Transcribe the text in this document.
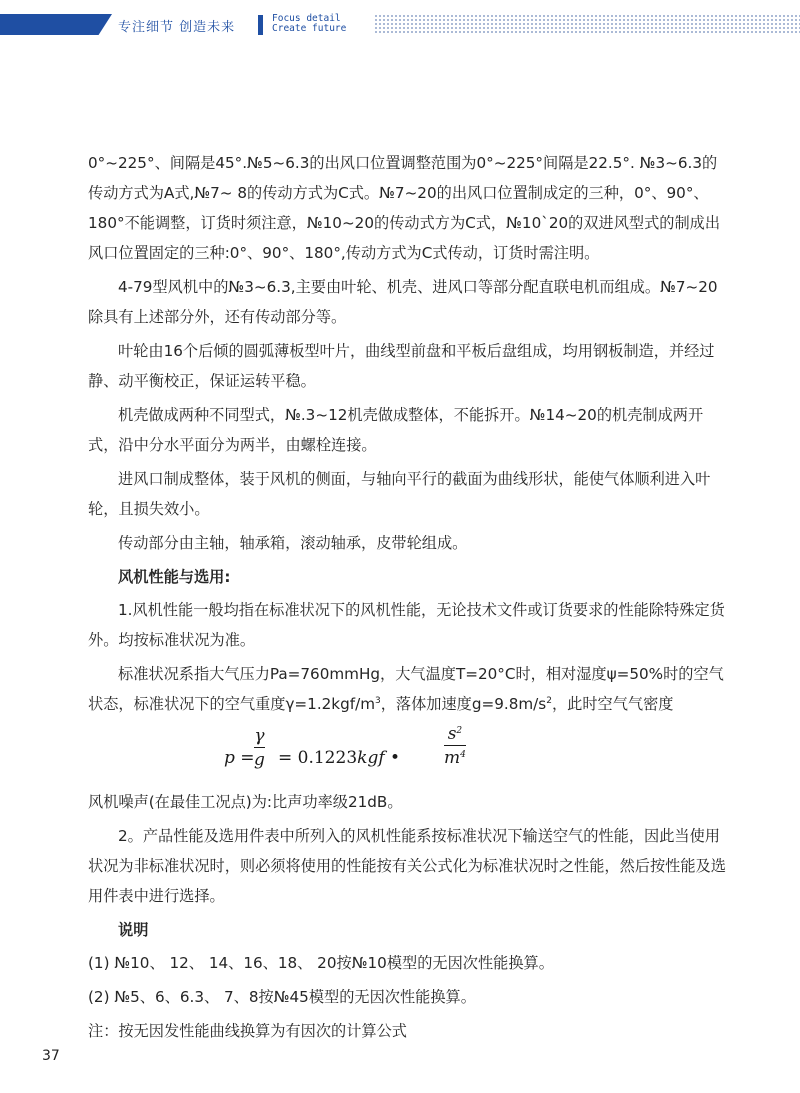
专注细节 创造未来
Focus detail
Create future

0°~225°、间隔是45°.№5~6.3的出风口位置调整范围为0°~225°间隔是22.5°. №3~6.3的传动方式为A式,№7~ 8的传动方式为C式。№7~20的出风口位置制成定的三种，0°、90°、180°不能调整，订货时须注意，№10~20的传动式方为C式，№10`20的双进风型式的制成出风口位置固定的三种:0°、90°、180°,传动方式为C式传动，订货时需注明。

4-79型风机中的№3~6.3,主要由叶轮、机壳、进风口等部分配直联电机而组成。№7~20除具有上述部分外，还有传动部分等。

叶轮由16个后倾的圆弧薄板型叶片，曲线型前盘和平板后盘组成，均用钢板制造，并经过静、动平衡校正，保证运转平稳。

机壳做成两种不同型式，№.3~12机壳做成整体，不能拆开。№14~20的机壳制成两开式，沿中分水平面分为两半，由螺栓连接。

进风口制成整体，装于风机的侧面，与轴向平行的截面为曲线形状，能使气体顺利进入叶轮，且损失效小。

传动部分由主轴，轴承箱，滚动轴承，皮带轮组成。

风机性能与选用:

1.风机性能一般均指在标准状况下的风机性能，无论技术文件或订货要求的性能除特殊定货外。均按标准状况为准。

标准状况系指大气压力Pa=760mmHg，大气温度T=20°C时，相对湿度ψ=50%时的空气状态，标准状况下的空气重度$\gamma=1.2kgf/m^3$，落体加速度$g=9.8m/s^2$，此时空气气密度

p =
γ
g = 0.1223kgf •
$s^2$
$m^4$

风机噪声(在最佳工况点)为:比声功率级21dB。

2。产品性能及选用件表中所列入的风机性能系按标准状况下输送空气的性能，因此当使用状况为非标准状况时，则必须将使用的性能按有关公式化为标准状况时之性能，然后按性能及选用件表中进行选择。

说明

(1) №10、 12、 14、16、18、 20按№10模型的无因次性能换算。

(2) №5、6、6.3、 7、8按№45模型的无因次性能换算。

注：按无因发性能曲线换算为有因次的计算公式

37
